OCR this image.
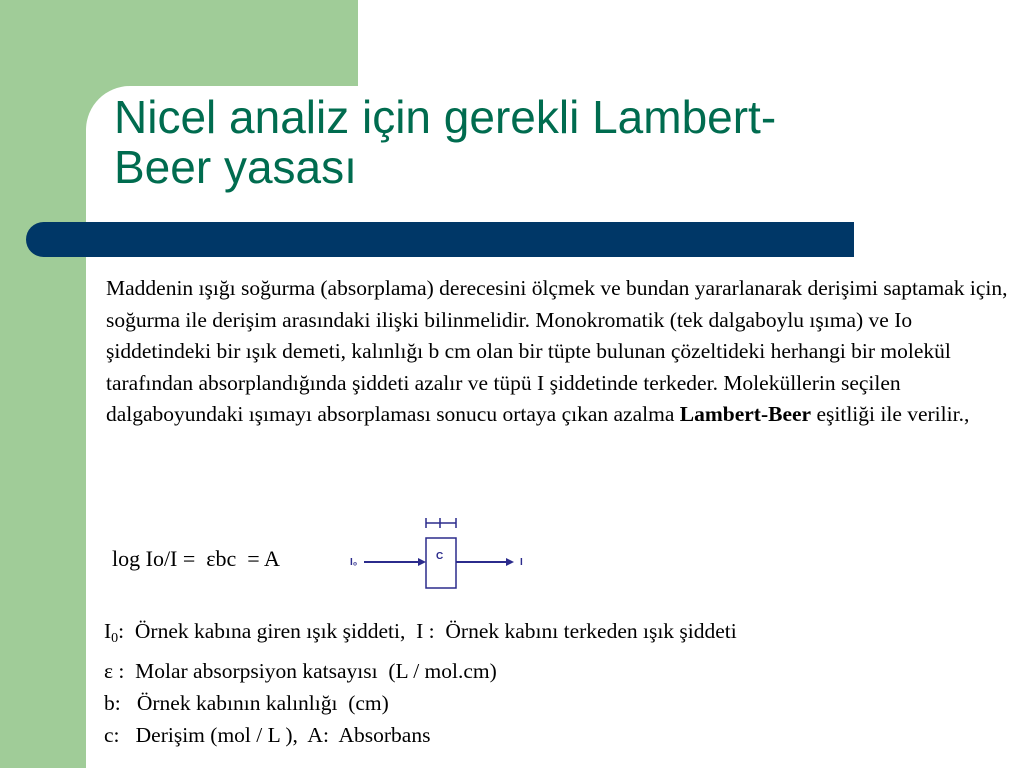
Nicel analiz için gerekli Lambert-
Beer yasası

Maddenin ışığı soğurma (absorplama) derecesini ölçmek ve bundan yararlanarak derişimi saptamak için, soğurma ile derişim arasındaki ilişki bilinmelidir. Monokromatik (tek dalgaboylu ışıma) ve Io şiddetindeki bir ışık demeti, kalınlığı b cm olan bir tüpte bulunan çözeltideki herhangi bir molekül tarafından absorplandığında şiddeti azalır ve tüpü I şiddetinde terkeder. Moleküllerin seçilen dalgaboyundaki ışımayı absorplaması sonucu ortaya çıkan azalma Lambert-Beer eşitliği ile verilir.,

log Io/I =  εbc  = A	C
I₀	I
$I_0$:  Örnek kabına giren ışık şiddeti,  I :  Örnek kabını terkeden ışık şiddeti
ε :  Molar absorpsiyon katsayısı  (L / mol.cm)
b:   Örnek kabının kalınlığı  (cm)
c:   Derişim (mol / L ),  A:  Absorbans
